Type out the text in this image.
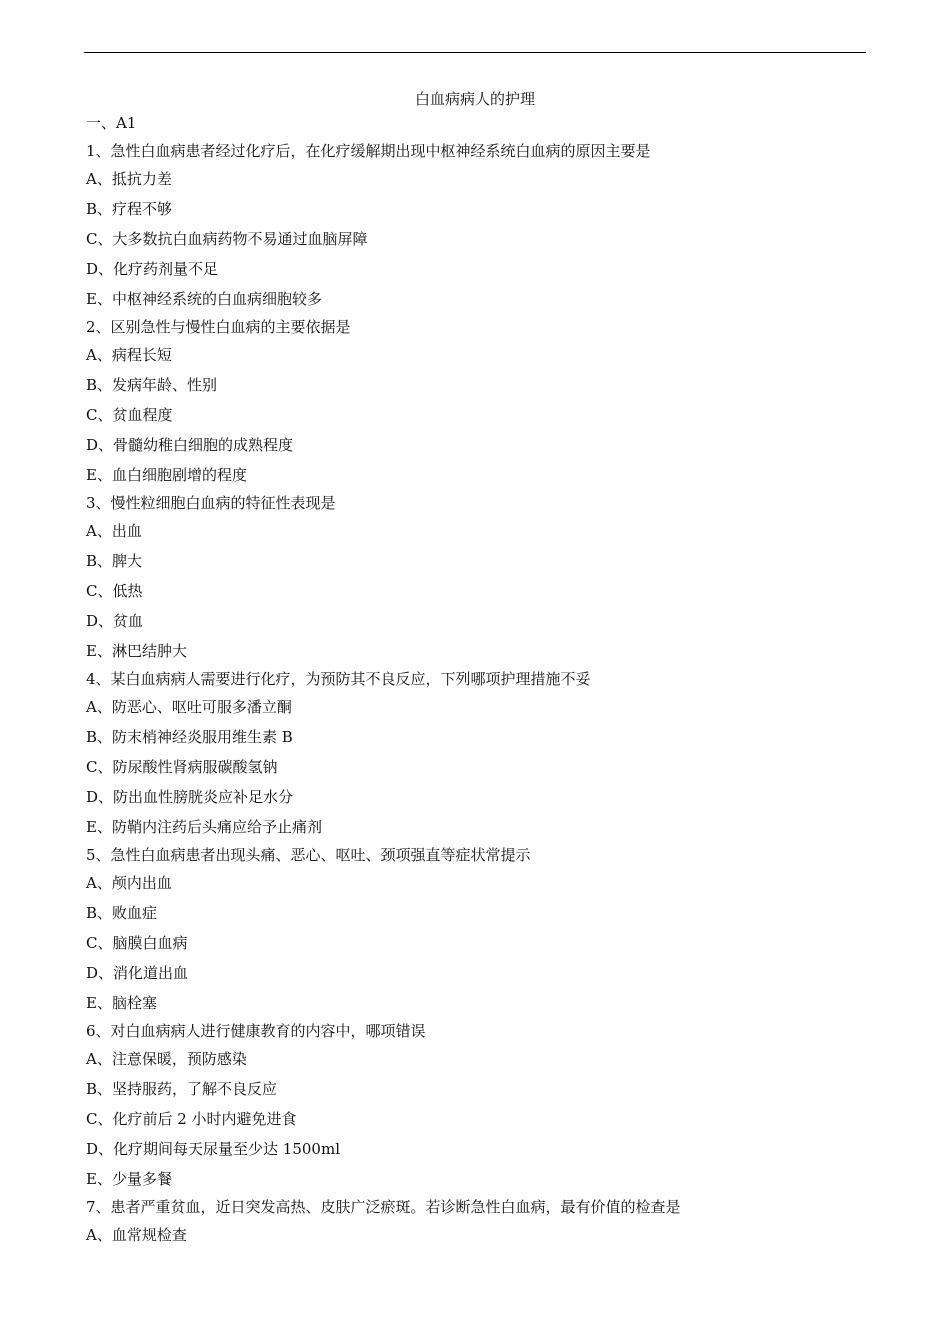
白血病病人的护理
一、A1
1、急性白血病患者经过化疗后，在化疗缓解期出现中枢神经系统白血病的原因主要是
A、抵抗力差
B、疗程不够
C、大多数抗白血病药物不易通过血脑屏障
D、化疗药剂量不足
E、中枢神经系统的白血病细胞较多
2、区别急性与慢性白血病的主要依据是
A、病程长短
B、发病年龄、性别
C、贫血程度
D、骨髓幼稚白细胞的成熟程度
E、血白细胞剧增的程度
3、慢性粒细胞白血病的特征性表现是
A、出血
B、脾大
C、低热
D、贫血
E、淋巴结肿大
4、某白血病病人需要进行化疗，为预防其不良反应，下列哪项护理措施不妥
A、防恶心、呕吐可服多潘立酮
B、防末梢神经炎服用维生素 B
C、防尿酸性肾病服碳酸氢钠
D、防出血性膀胱炎应补足水分
E、防鞘内注药后头痛应给予止痛剂
5、急性白血病患者出现头痛、恶心、呕吐、颈项强直等症状常提示
A、颅内出血
B、败血症
C、脑膜白血病
D、消化道出血
E、脑栓塞
6、对白血病病人进行健康教育的内容中，哪项错误
A、注意保暖，预防感染
B、坚持服药，了解不良反应
C、化疗前后 2 小时内避免进食
D、化疗期间每天尿量至少达 1500ml
E、少量多餐
7、患者严重贫血，近日突发高热、皮肤广泛瘀斑。若诊断急性白血病，最有价值的检查是
A、血常规检查
